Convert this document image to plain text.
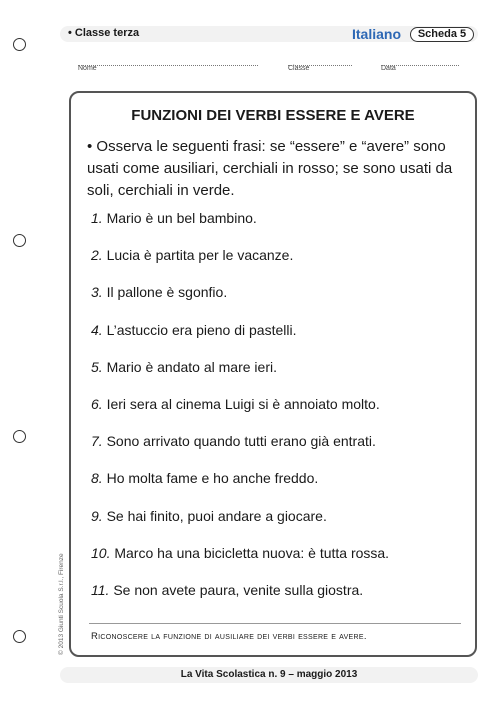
• Classe terza	Italiano	Scheda 5
Nome	Classe	Data
FUNZIONI DEI VERBI ESSERE E AVERE
• Osserva le seguenti frasi: se “essere” e “avere” sono usati come ausiliari, cerchiali in rosso; se sono usati da soli, cerchiali in verde.
1. Mario è un bel bambino.
2. Lucia è partita per le vacanze.
3. Il pallone è sgonfio.
4. L’astuccio era pieno di pastelli.
5. Mario è andato al mare ieri.
6. Ieri sera al cinema Luigi si è annoiato molto.
7. Sono arrivato quando tutti erano già entrati.
8. Ho molta fame e ho anche freddo.
9. Se hai finito, puoi andare a giocare.
10. Marco ha una bicicletta nuova: è tutta rossa.
11. Se non avete paura, venite sulla giostra.
Riconoscere la funzione di ausiliare dei verbi essere e avere.
© 2013 Giunti Scuola S.r.l., Firenze
La Vita Scolastica n. 9 – maggio 2013
